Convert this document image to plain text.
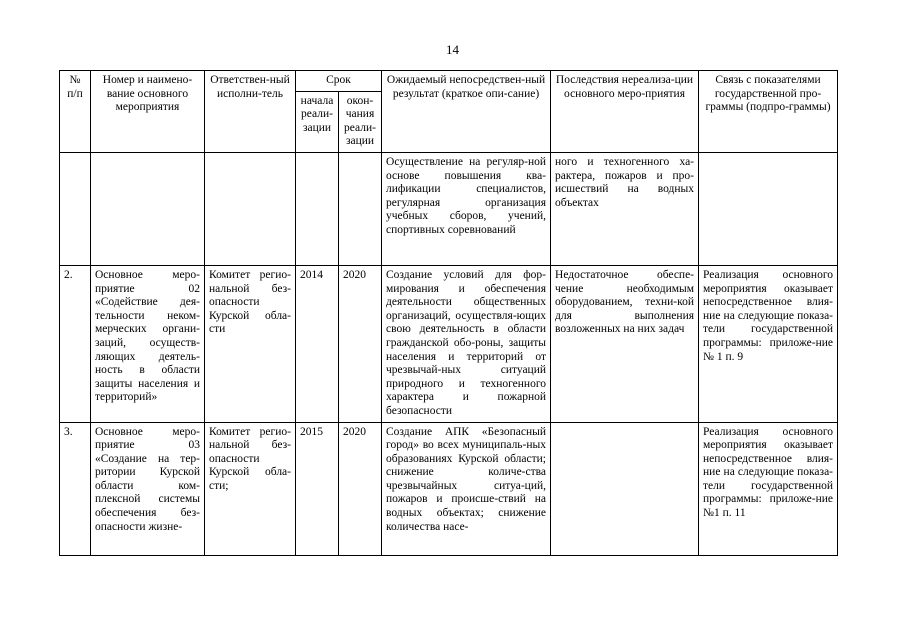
14
№ п/п	Номер и наимено-вание основного мероприятия	Ответствен-ный исполни-тель	Срок		Ожидаемый непосредствен-ный результат (краткое опи-сание)	Последствия нереализа-ции основного меро-приятия	Связь с показателями государственной про-граммы (подпро-граммы)
			начала реали-зации	окон-чания реали-зации			
					Осуществление на регуляр-ной основе повышения ква-лификации специалистов, регулярная организация учебных сборов, учений, спортивных соревнований	ного и техногенного ха-рактера, пожаров и про-исшествий на водных объектах	
2.	Основное меро-приятие 02 «Содействие дея-тельности неком-мерческих органи-заций, осуществ-ляющих деятель-ность в области защиты населения и территорий»	Комитет регио-нальной без-опасности Курской обла-сти	2014	2020	Создание условий для фор-мирования и обеспечения деятельности общественных организаций, осуществля-ющих свою деятельность в области гражданской обо-роны, защиты населения и территорий от чрезвычай-ных ситуаций природного и техногенного характера и пожарной безопасности	Недостаточное обеспе-чение необходимым оборудованием, техни-кой для выполнения возложенных на них задач	Реализация основного мероприятия оказывает непосредственное влия-ние на следующие показа-тели государственной программы: приложе-ние № 1 п. 9
3.	Основное меро-приятие 03 «Создание на тер-ритории Курской области ком-плексной системы обеспечения без-опасности жизне-	Комитет регио-нальной без-опасности Курской обла-сти;	2015	2020	Создание АПК «Безопасный город» во всех муниципаль-ных образованиях Курской области; снижение количе-ства чрезвычайных ситуа-ций, пожаров и происше-ствий на водных объектах; снижение количества насе-		Реализация основного мероприятия оказывает непосредственное влия-ние на следующие показа-тели государственной программы: приложе-ние №1 п. 11
